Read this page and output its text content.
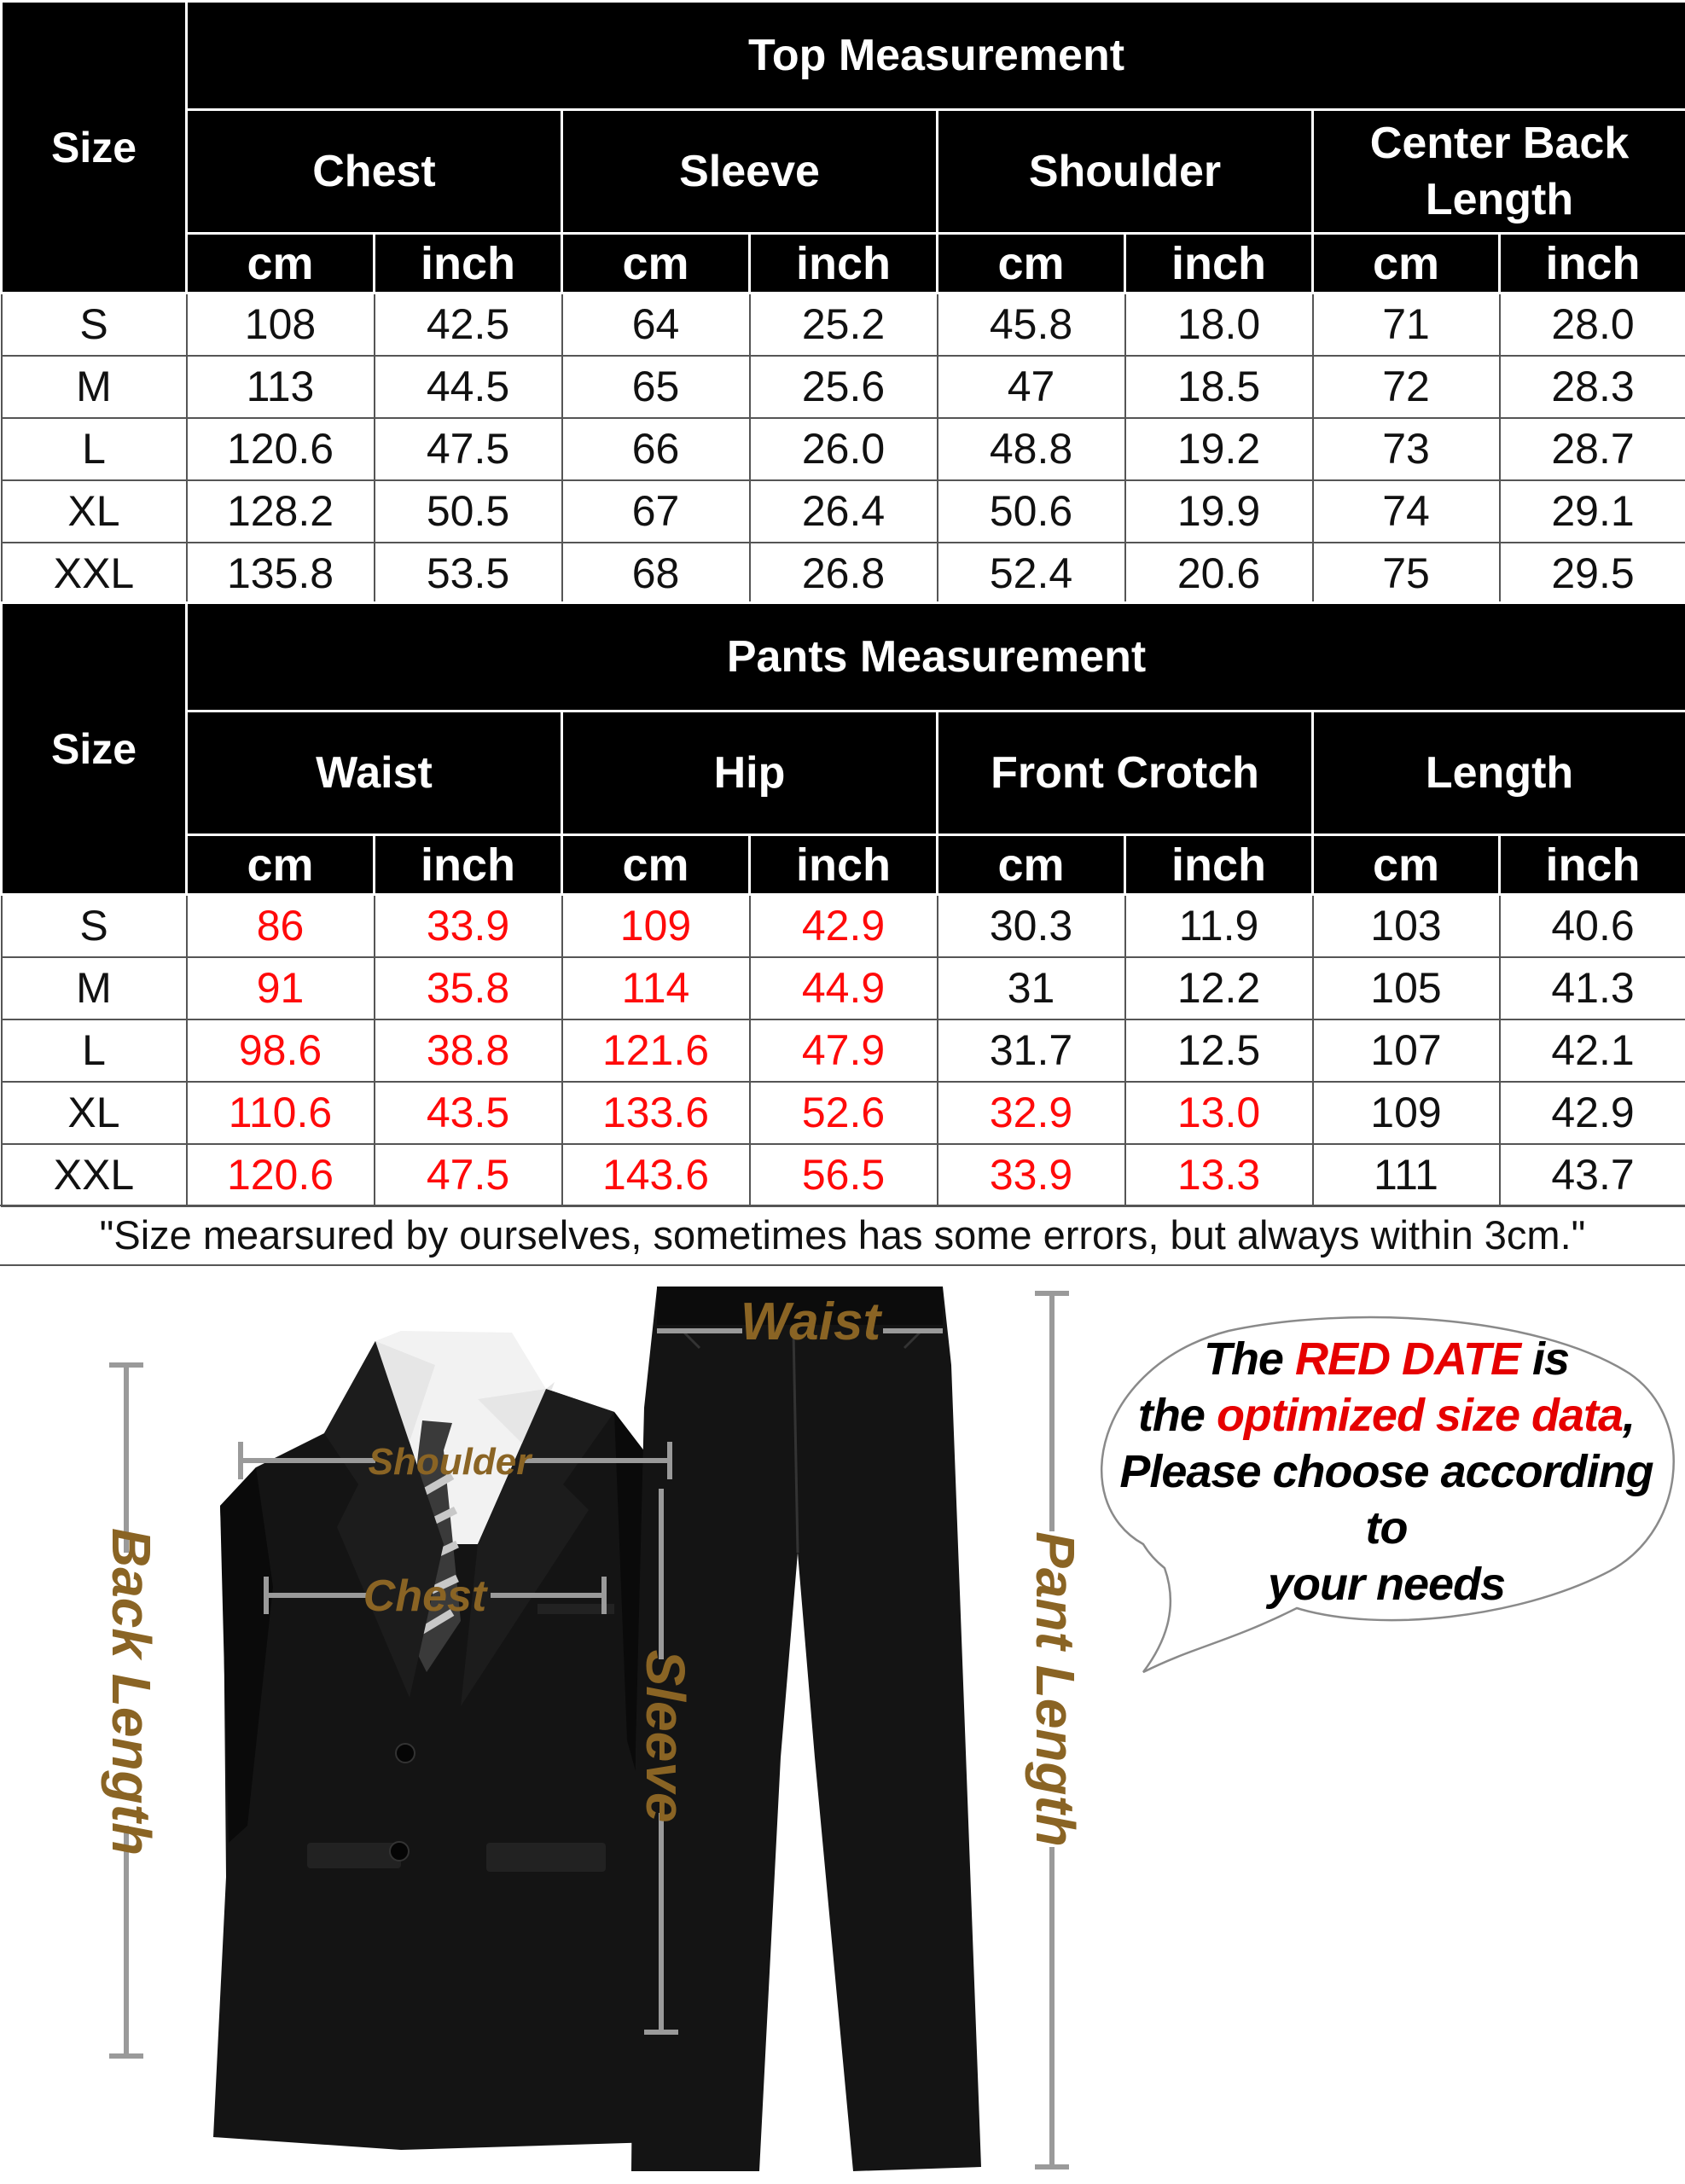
Size	Top Measurement							
	Chest		Sleeve		Shoulder		Center Back Length	
	cm	inch	cm	inch	cm	inch	cm	inch
S	108	42.5	64	25.2	45.8	18.0	71	28.0
M	113	44.5	65	25.6	47	18.5	72	28.3
L	120.6	47.5	66	26.0	48.8	19.2	73	28.7
XL	128.2	50.5	67	26.4	50.6	19.9	74	29.1
XXL	135.8	53.5	68	26.8	52.4	20.6	75	29.5
Size	Pants Measurement							
	Waist		Hip		Front Crotch		Length	
	cm	inch	cm	inch	cm	inch	cm	inch
S	86	33.9	109	42.9	30.3	11.9	103	40.6
M	91	35.8	114	44.9	31	12.2	105	41.3
L	98.6	38.8	121.6	47.9	31.7	12.5	107	42.1
XL	110.6	43.5	133.6	52.6	32.9	13.0	109	42.9
XXL	120.6	47.5	143.6	56.5	33.9	13.3	111	43.7
"Size mearsured by ourselves, sometimes has some errors, but always within 3cm."
Waist
Shoulder
Chest
Back Length	Sleeve	Pant Length
The RED DATE is
the optimized size data,
Please choose according to
your needs
